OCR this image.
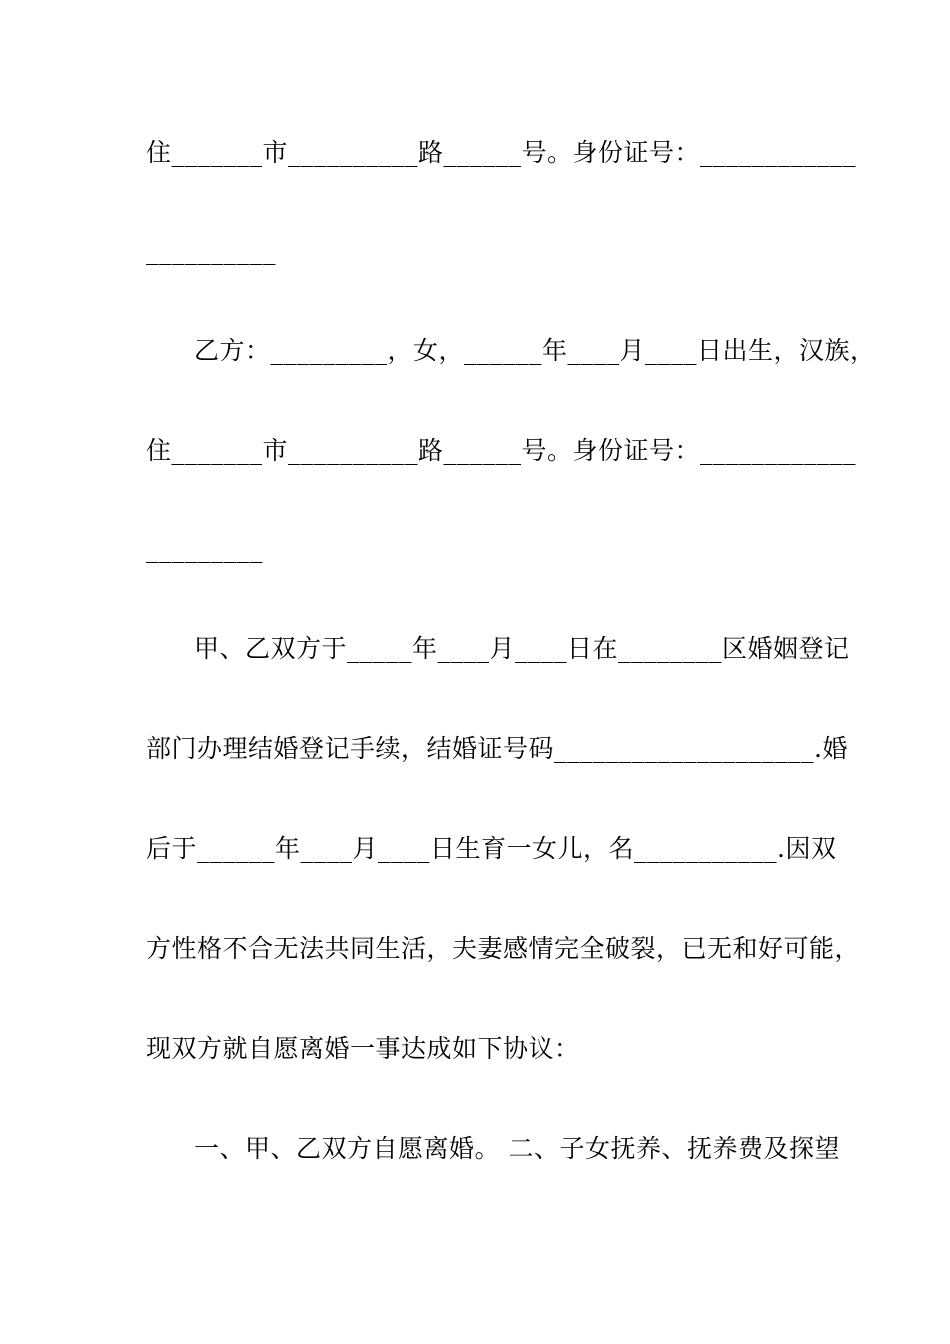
住_______市__________路______号。身份证号：____________
__________
乙方：_________，女，______年____月____日出生，汉族，
住_______市__________路______号。身份证号：____________
_________
甲、乙双方于_____年____月____日在________区婚姻登记
部门办理结婚登记手续，结婚证号码____________________.婚
后于______年____月____日生育一女儿，名___________.因双
方性格不合无法共同生活，夫妻感情完全破裂，已无和好可能，
现双方就自愿离婚一事达成如下协议：
一、甲、乙双方自愿离婚。 二、子女抚养、抚养费及探望
